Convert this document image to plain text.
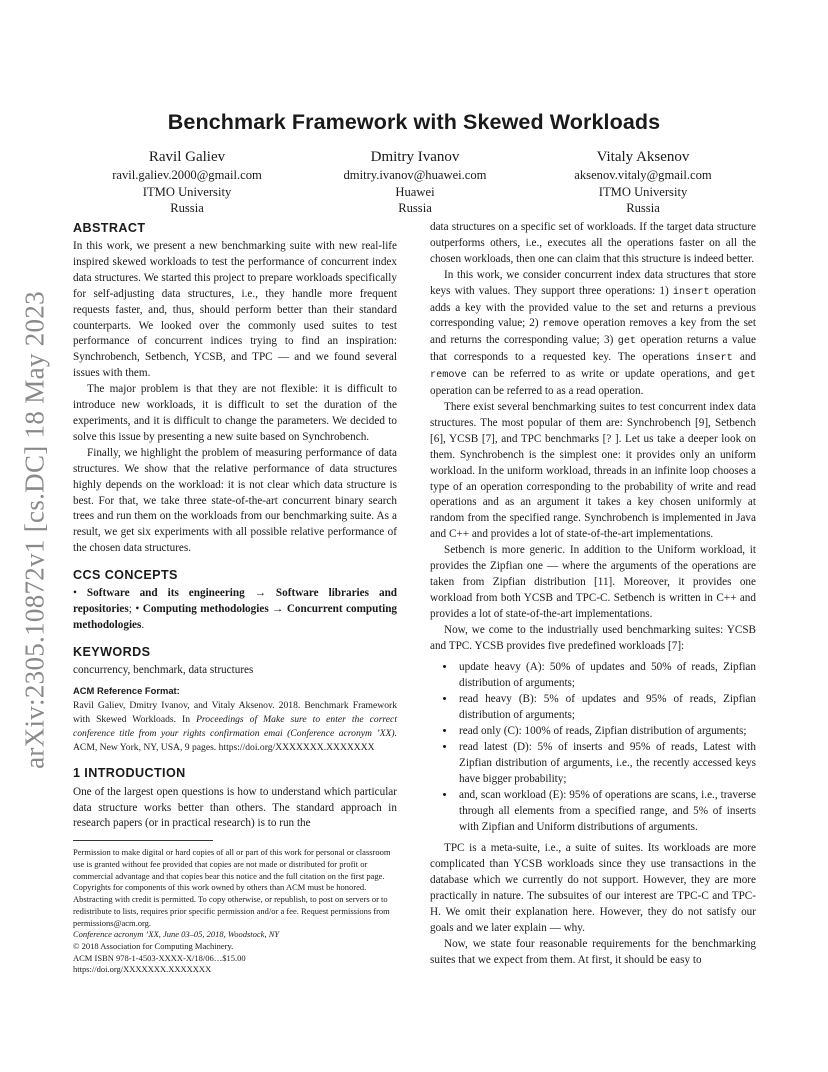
arXiv:2305.10872v1 [cs.DC] 18 May 2023
Benchmark Framework with Skewed Workloads
Ravil Galiev
ravil.galiev.2000@gmail.com
ITMO University
Russia
Dmitry Ivanov
dmitry.ivanov@huawei.com
Huawei
Russia
Vitaly Aksenov
aksenov.vitaly@gmail.com
ITMO University
Russia
ABSTRACT

In this work, we present a new benchmarking suite with new real-life inspired skewed workloads to test the performance of concurrent index data structures. We started this project to prepare workloads specifically for self-adjusting data structures, i.e., they handle more frequent requests faster, and, thus, should perform better than their standard counterparts. We looked over the commonly used suites to test performance of concurrent indices trying to find an inspiration: Synchrobench, Setbench, YCSB, and TPC — and we found several issues with them.

The major problem is that they are not flexible: it is difficult to introduce new workloads, it is difficult to set the duration of the experiments, and it is difficult to change the parameters. We decided to solve this issue by presenting a new suite based on Synchrobench.

Finally, we highlight the problem of measuring performance of data structures. We show that the relative performance of data structures highly depends on the workload: it is not clear which data structure is best. For that, we take three state-of-the-art concurrent binary search trees and run them on the workloads from our benchmarking suite. As a result, we get six experiments with all possible relative performance of the chosen data structures.

CCS CONCEPTS

• Software and its engineering → Software libraries and repositories; • Computing methodologies → Concurrent computing methodologies.

KEYWORDS

concurrency, benchmark, data structures

ACM Reference Format:

Ravil Galiev, Dmitry Ivanov, and Vitaly Aksenov. 2018. Benchmark Framework with Skewed Workloads. In Proceedings of Make sure to enter the correct conference title from your rights confirmation emai (Conference acronym ’XX). ACM, New York, NY, USA, 9 pages. https://doi.org/XXXXXXX.XXXXXXX

1 INTRODUCTION

One of the largest open questions is how to understand which particular data structure works better than others. The standard approach in research papers (or in practical research) is to run the

Permission to make digital or hard copies of all or part of this work for personal or classroom use is granted without fee provided that copies are not made or distributed for profit or commercial advantage and that copies bear this notice and the full citation on the first page. Copyrights for components of this work owned by others than ACM must be honored. Abstracting with credit is permitted. To copy otherwise, or republish, to post on servers or to redistribute to lists, requires prior specific permission and/or a fee. Request permissions from permissions@acm.org.
Conference acronym ’XX, June 03–05, 2018, Woodstock, NY
© 2018 Association for Computing Machinery.
ACM ISBN 978-1-4503-XXXX-X/18/06…$15.00
https://doi.org/XXXXXXX.XXXXXXX

data structures on a specific set of workloads. If the target data structure outperforms others, i.e., executes all the operations faster on all the chosen workloads, then one can claim that this structure is indeed better.

In this work, we consider concurrent index data structures that store keys with values. They support three operations: 1) insert operation adds a key with the provided value to the set and returns a previous corresponding value; 2) remove operation removes a key from the set and returns the corresponding value; 3) get operation returns a value that corresponds to a requested key. The operations insert and remove can be referred to as write or update operations, and get operation can be referred to as a read operation.

There exist several benchmarking suites to test concurrent index data structures. The most popular of them are: Synchrobench [9], Setbench [6], YCSB [7], and TPC benchmarks [? ]. Let us take a deeper look on them. Synchrobench is the simplest one: it provides only an uniform workload. In the uniform workload, threads in an infinite loop chooses a type of an operation corresponding to the probability of write and read operations and as an argument it takes a key chosen uniformly at random from the specified range. Synchrobench is implemented in Java and C++ and provides a lot of state-of-the-art implementations.

Setbench is more generic. In addition to the Uniform workload, it provides the Zipfian one — where the arguments of the operations are taken from Zipfian distribution [11]. Moreover, it provides one workload from both YCSB and TPC-C. Setbench is written in C++ and provides a lot of state-of-the-art implementations.

Now, we come to the industrially used benchmarking suites: YCSB and TPC. YCSB provides five predefined workloads [7]:

• update heavy (A): 50% of updates and 50% of reads, Zipfian distribution of arguments;
• read heavy (B): 5% of updates and 95% of reads, Zipfian distribution of arguments;
• read only (C): 100% of reads, Zipfian distribution of arguments;
• read latest (D): 5% of inserts and 95% of reads, Latest with Zipfian distribution of arguments, i.e., the recently accessed keys have bigger probability;
• and, scan workload (E): 95% of operations are scans, i.e., traverse through all elements from a specified range, and 5% of inserts with Zipfian and Uniform distributions of arguments.

TPC is a meta-suite, i.e., a suite of suites. Its workloads are more complicated than YCSB workloads since they use transactions in the database which we currently do not support. However, they are more practically in nature. The subsuites of our interest are TPC-C and TPC-H. We omit their explanation here. However, they do not satisfy our goals and we later explain — why.

Now, we state four reasonable requirements for the benchmarking suites that we expect from them. At first, it should be easy to
